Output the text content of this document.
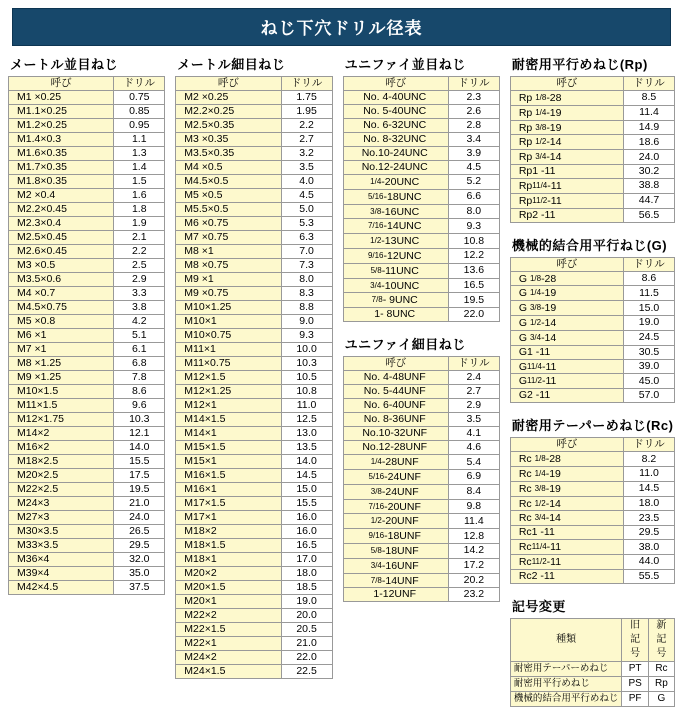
ねじ下穴ドリル径表
メートル並目ねじ
呼び	ドリル
M1 ×0.25	0.75
M1.1×0.25	0.85
M1.2×0.25	0.95
M1.4×0.3	1.1
M1.6×0.35	1.3
M1.7×0.35	1.4
M1.8×0.35	1.5
M2 ×0.4	1.6
M2.2×0.45	1.8
M2.3×0.4	1.9
M2.5×0.45	2.1
M2.6×0.45	2.2
M3 ×0.5	2.5
M3.5×0.6	2.9
M4 ×0.7	3.3
M4.5×0.75	3.8
M5 ×0.8	4.2
M6 ×1	5.1
M7 ×1	6.1
M8 ×1.25	6.8
M9 ×1.25	7.8
M10×1.5	8.6
M11×1.5	9.6
M12×1.75	10.3
M14×2	12.1
M16×2	14.0
M18×2.5	15.5
M20×2.5	17.5
M22×2.5	19.5
M24×3	21.0
M27×3	24.0
M30×3.5	26.5
M33×3.5	29.5
M36×4	32.0
M39×4	35.0
M42×4.5	37.5
メートル細目ねじ
呼び	ドリル
M2 ×0.25	1.75
M2.2×0.25	1.95
M2.5×0.35	2.2
M3 ×0.35	2.7
M3.5×0.35	3.2
M4 ×0.5	3.5
M4.5×0.5	4.0
M5 ×0.5	4.5
M5.5×0.5	5.0
M6 ×0.75	5.3
M7 ×0.75	6.3
M8 ×1	7.0
M8 ×0.75	7.3
M9 ×1	8.0
M9 ×0.75	8.3
M10×1.25	8.8
M10×1	9.0
M10×0.75	9.3
M11×1	10.0
M11×0.75	10.3
M12×1.5	10.5
M12×1.25	10.8
M12×1	11.0
M14×1.5	12.5
M14×1	13.0
M15×1.5	13.5
M15×1	14.0
M16×1.5	14.5
M16×1	15.0
M17×1.5	15.5
M17×1	16.0
M18×2	16.0
M18×1.5	16.5
M18×1	17.0
M20×2	18.0
M20×1.5	18.5
M20×1	19.0
M22×2	20.0
M22×1.5	20.5
M22×1	21.0
M24×2	22.0
M24×1.5	22.5
ユニファイ並目ねじ
呼び	ドリル
No. 4-40UNC	2.3
No. 5-40UNC	2.6
No. 6-32UNC	2.8
No. 8-32UNC	3.4
No.10-24UNC	3.9
No.12-24UNC	4.5
1/4-20UNC	5.2
5/16-18UNC	6.6
3/8-16UNC	8.0
7/16-14UNC	9.3
1/2-13UNC	10.8
9/16-12UNC	12.2
5/8-11UNC	13.6
3/4-10UNC	16.5
7/8- 9UNC	19.5
1- 8UNC	22.0
ユニファイ細目ねじ
呼び	ドリル
No. 4-48UNF	2.4
No. 5-44UNF	2.7
No. 6-40UNF	2.9
No. 8-36UNF	3.5
No.10-32UNF	4.1
No.12-28UNF	4.6
1/4-28UNF	5.4
5/16-24UNF	6.9
3/8-24UNF	8.4
7/16-20UNF	9.8
1/2-20UNF	11.4
9/16-18UNF	12.8
5/8-18UNF	14.2
3/4-16UNF	17.2
7/8-14UNF	20.2
1-12UNF	23.2
耐密用平行めねじ(Rp)
呼び	ドリル
Rp 1/8-28	8.5
Rp 1/4-19	11.4
Rp 3/8-19	14.9
Rp 1/2-14	18.6
Rp 3/4-14	24.0
Rp1 -11	30.2
Rp11/4-11	38.8
Rp11/2-11	44.7
Rp2 -11	56.5
機械的結合用平行ねじ(G)
呼び	ドリル
G 1/8-28	8.6
G 1/4-19	11.5
G 3/8-19	15.0
G 1/2-14	19.0
G 3/4-14	24.5
G1 -11	30.5
G11/4-11	39.0
G11/2-11	45.0
G2 -11	57.0
耐密用テーパーめねじ(Rc)
呼び	ドリル
Rc 1/8-28	8.2
Rc 1/4-19	11.0
Rc 3/8-19	14.5
Rc 1/2-14	18.0
Rc 3/4-14	23.5
Rc1 -11	29.5
Rc11/4-11	38.0
Rc11/2-11	44.0
Rc2 -11	55.5
記号変更
種類	旧記号	新記号
耐密用テーパーめねじ	PT	Rc
耐密用平行めねじ	PS	Rp
機械的結合用平行めねじ	PF	G
